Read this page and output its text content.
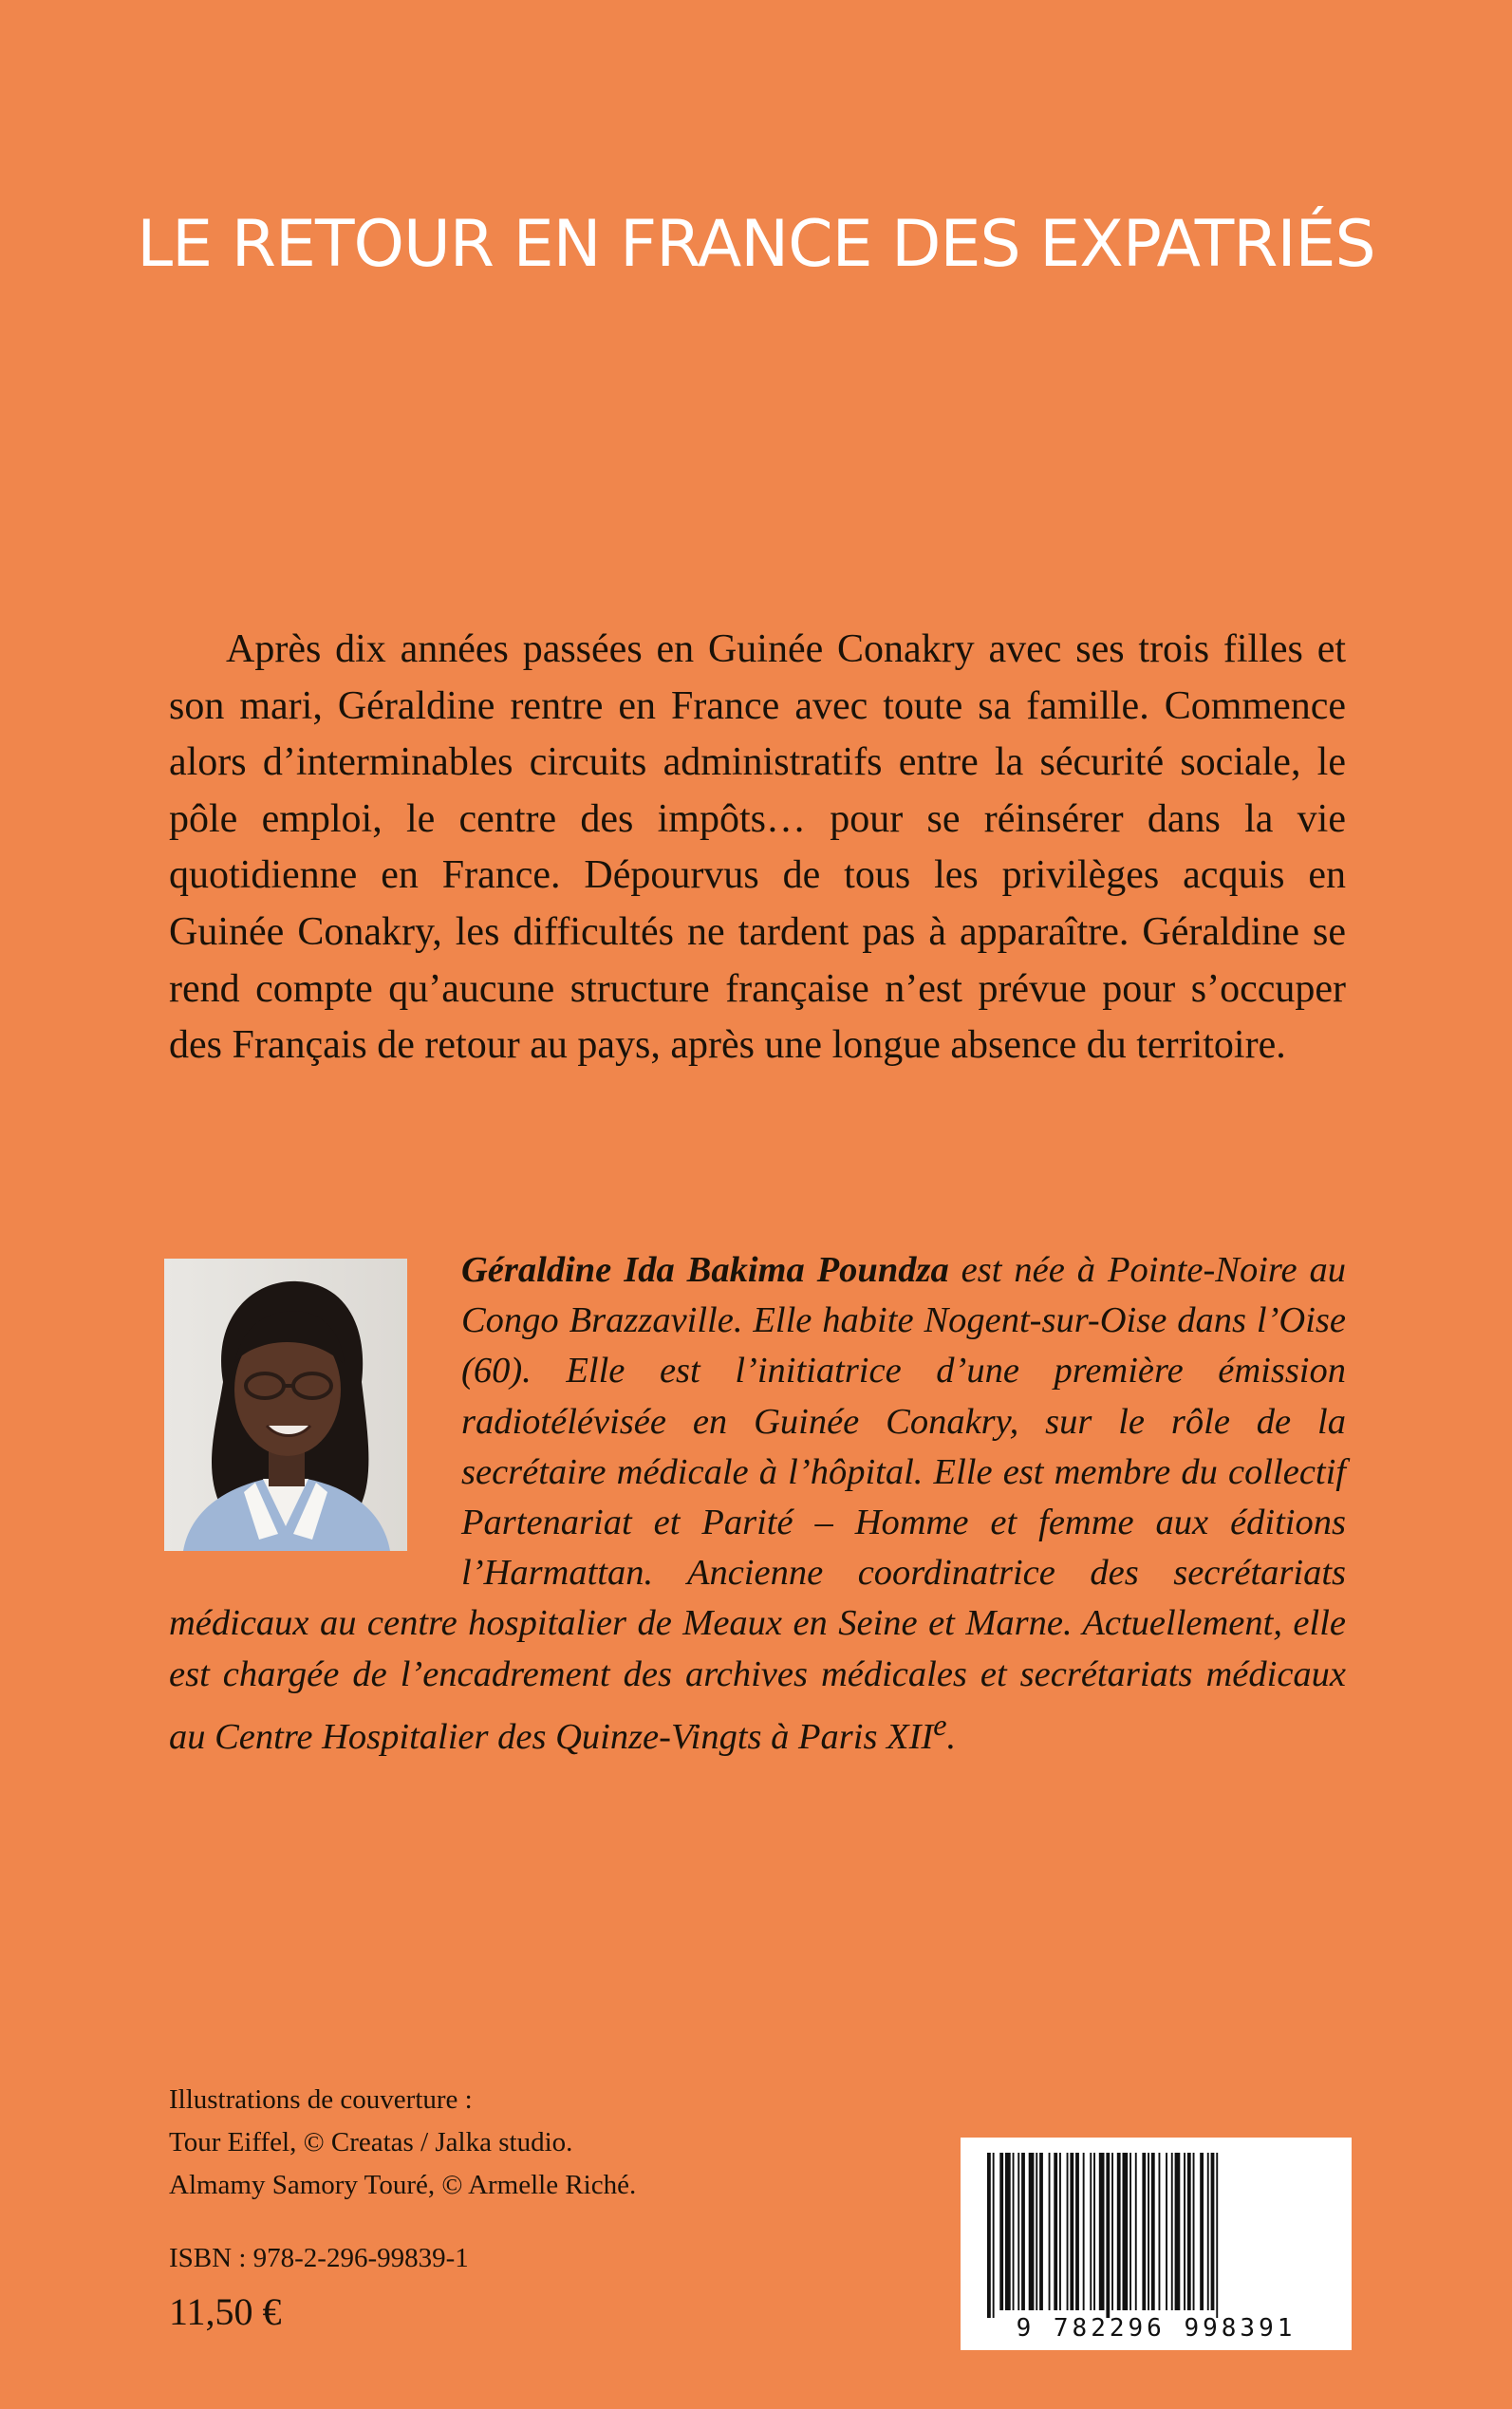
LE RETOUR EN FRANCE DES EXPATRIÉS

Après dix années passées en Guinée Conakry avec ses trois filles et son mari, Géraldine rentre en France avec toute sa famille. Commence alors d’interminables circuits administratifs entre la sécurité sociale, le pôle emploi, le centre des impôts… pour se réinsérer dans la vie quotidienne en France. Dépourvus de tous les privilèges acquis en Guinée Conakry, les difficultés ne tardent pas à apparaître. Géraldine se rend compte qu’aucune structure française n’est prévue pour s’occuper des Français de retour au pays, après une longue absence du territoire.

Géraldine Ida Bakima Poundza est née à Pointe-Noire au Congo Brazzaville. Elle habite Nogent-sur-Oise dans l’Oise (60). Elle est l’initiatrice d’une première émission radiotélévisée en Guinée Conakry, sur le rôle de la secrétaire médicale à l’hôpital. Elle est membre du collectif Partenariat et Parité – Homme et femme aux éditions l’Harmattan. Ancienne coordinatrice des secrétariats médicaux au centre hospitalier de Meaux en Seine et Marne. Actuellement, elle est chargée de l’encadrement des archives médicales et secrétariats médicaux au Centre Hospitalier des Quinze-Vingts à Paris XIIe.

Illustrations de couverture :
Tour Eiffel, © Creatas / Jalka studio.
Almamy Samory Touré, © Armelle Riché.
ISBN : 978-2-296-99839-1
11,50 €	9 782296 998391
